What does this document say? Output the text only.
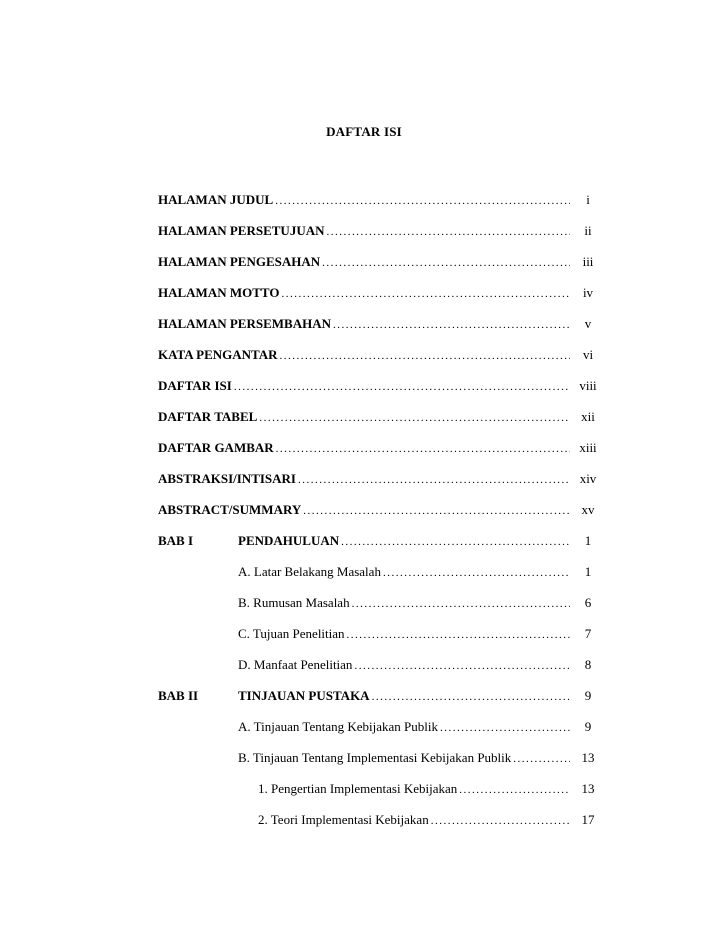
DAFTAR ISI
HALAMAN JUDUL .....	i
HALAMAN PERSETUJUAN .....	ii
HALAMAN PENGESAHAN .....	iii
HALAMAN MOTTO .....	iv
HALAMAN PERSEMBAHAN .....	v
KATA PENGANTAR .....	vi
DAFTAR ISI .....	viii
DAFTAR TABEL .....	xii
DAFTAR GAMBAR .....	xiii
ABSTRAKSI/INTISARI .....	xiv
ABSTRACT/SUMMARY .....	xv
BAB I	PENDAHULUAN .....	1
A. Latar Belakang Masalah .....	1
B. Rumusan Masalah .....	6
C. Tujuan Penelitian .....	7
D. Manfaat Penelitian .....	8
BAB II	TINJAUAN PUSTAKA .....	9
A. Tinjauan Tentang Kebijakan Publik .....	9
B. Tinjauan Tentang Implementasi Kebijakan Publik .....	13
1. Pengertian Implementasi Kebijakan .....	13
2. Teori Implementasi Kebijakan .....	17
